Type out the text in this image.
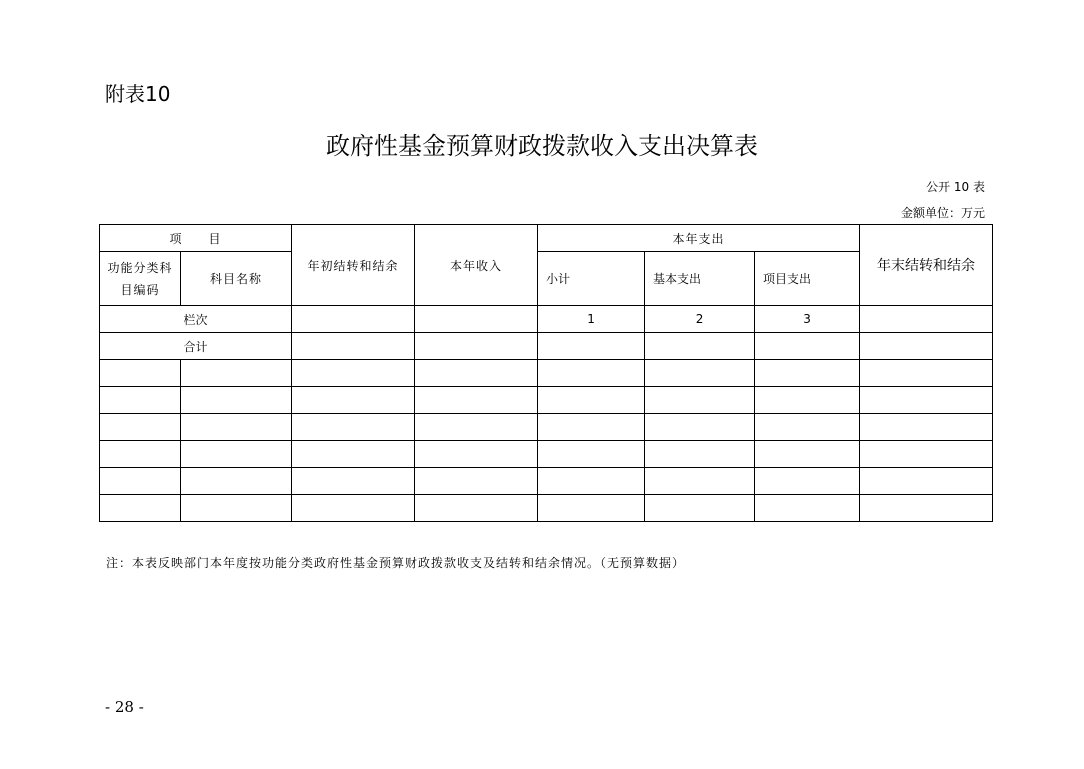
附表10
政府性基金预算财政拨款收入支出决算表
公开 10 表
金额单位：万元
项　　目		年初结转和结余	本年收入	本年支出			年末结转和结余
功能分类科目编码	科目名称			小计	基本支出	项目支出	
栏次				1	2	3	
合计							

注：本表反映部门本年度按功能分类政府性基金预算财政拨款收支及结转和结余情况。（无预算数据）
- 28 -
